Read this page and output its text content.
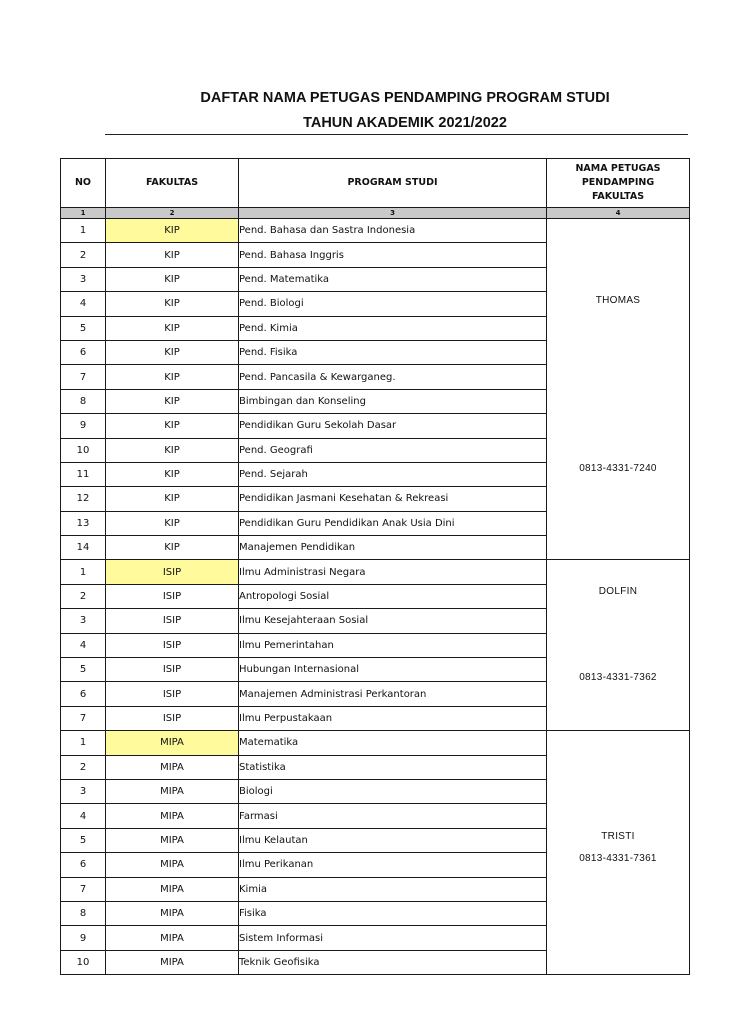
DAFTAR NAMA PETUGAS PENDAMPING PROGRAM STUDI
TAHUN AKADEMIK 2021/2022
NO	FAKULTAS	PROGRAM STUDI	NAMA PETUGAS PENDAMPING FAKULTAS
1	2	3	4
1	KIP	Pend. Bahasa dan Sastra Indonesia	THOMAS
0813-4331-7240

2	KIP	Pend. Bahasa Inggris	
3	KIP	Pend. Matematika	
4	KIP	Pend. Biologi	
5	KIP	Pend. Kimia	
6	KIP	Pend. Fisika	
7	KIP	Pend. Pancasila & Kewarganeg.	
8	KIP	Bimbingan dan Konseling	
9	KIP	Pendidikan Guru Sekolah Dasar	
10	KIP	Pend. Geografi	
11	KIP	Pend. Sejarah	
12	KIP	Pendidikan Jasmani Kesehatan & Rekreasi	
13	KIP	Pendidikan Guru Pendidikan Anak Usia Dini	
14	KIP	Manajemen Pendidikan	
1	ISIP	Ilmu Administrasi Negara	DOLFIN
0813-4331-7362

2	ISIP	Antropologi Sosial	
3	ISIP	Ilmu Kesejahteraan Sosial	
4	ISIP	Ilmu Pemerintahan	
5	ISIP	Hubungan Internasional	
6	ISIP	Manajemen Administrasi Perkantoran	
7	ISIP	Ilmu Perpustakaan	
1	MIPA	Matematika	TRISTI
0813-4331-7361

2	MIPA	Statistika	
3	MIPA	Biologi	
4	MIPA	Farmasi	
5	MIPA	Ilmu Kelautan	
6	MIPA	Ilmu Perikanan	
7	MIPA	Kimia	
8	MIPA	Fisika	
9	MIPA	Sistem Informasi	
10	MIPA	Teknik Geofisika	
